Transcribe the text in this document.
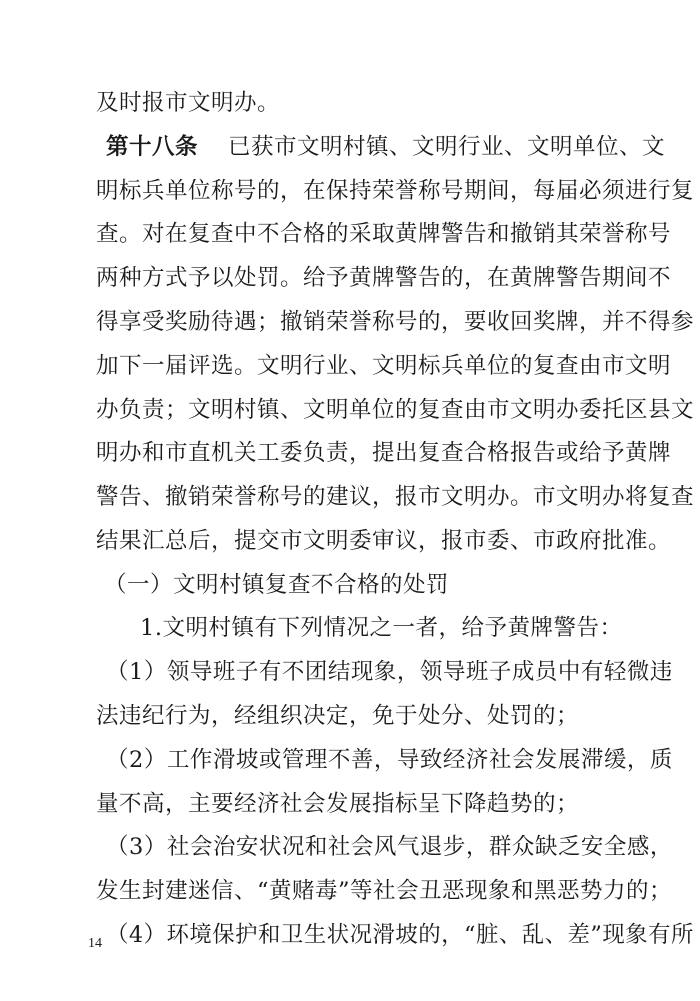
及时报市文明办。
第十八条 已获市文明村镇、文明行业、文明单位、文
明标兵单位称号的，在保持荣誉称号期间，每届必须进行复
查。对在复查中不合格的采取黄牌警告和撤销其荣誉称号
两种方式予以处罚。给予黄牌警告的，在黄牌警告期间不
得享受奖励待遇；撤销荣誉称号的，要收回奖牌，并不得参
加下一届评选。文明行业、文明标兵单位的复查由市文明
办负责；文明村镇、文明单位的复查由市文明办委托区县文
明办和市直机关工委负责，提出复查合格报告或给予黄牌
警告、撤销荣誉称号的建议，报市文明办。市文明办将复查
结果汇总后，提交市文明委审议，报市委、市政府批准。
（一）文明村镇复查不合格的处罚
1.文明村镇有下列情况之一者，给予黄牌警告：
（1）领导班子有不团结现象，领导班子成员中有轻微违
法违纪行为，经组织决定，免于处分、处罚的；
（2）工作滑坡或管理不善，导致经济社会发展滞缓，质
量不高，主要经济社会发展指标呈下降趋势的；
（3）社会治安状况和社会风气退步，群众缺乏安全感，
发生封建迷信、“黄赌毒”等社会丑恶现象和黑恶势力的；
（4）环境保护和卫生状况滑坡的，“脏、乱、差”现象有所
14
